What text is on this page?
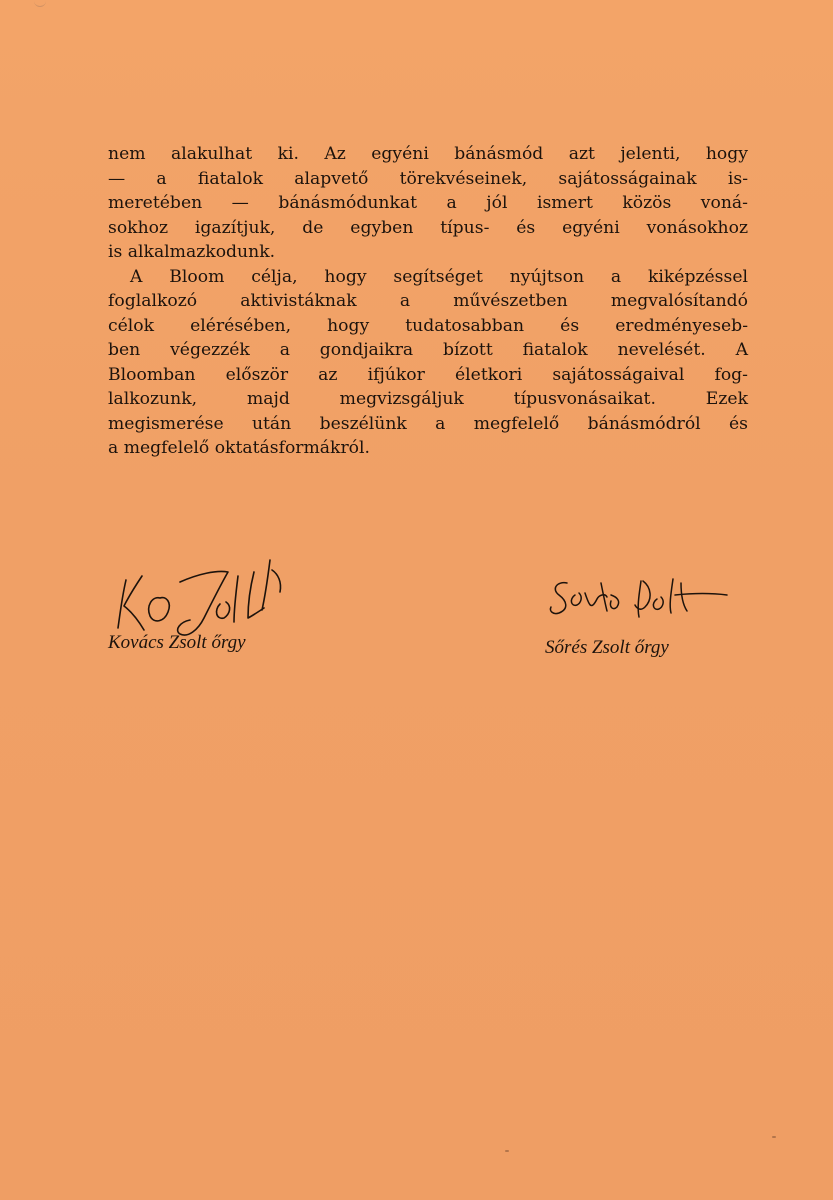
nem alakulhat ki. Az egyéni bánásmód azt jelenti, hogy
— a fiatalok alapvető törekvéseinek, sajátosságainak is-
meretében — bánásmódunkat a jól ismert közös voná-
sokhoz igazítjuk, de egyben típus- és egyéni vonásokhoz
is alkalmazkodunk.

A Bloom célja, hogy segítséget nyújtson a kiképzéssel
foglalkozó aktivistáknak a művészetben megvalósítandó
célok elérésében, hogy tudatosabban és eredményeseb-
ben végezzék a gondjaikra bízott fiatalok nevelését. A
Bloomban először az ifjúkor életkori sajátosságaival fog-
lalkozunk, majd megvizsgáljuk típusvonásaikat. Ezek
megismerése után beszélünk a megfelelő bánásmódról és
a megfelelő oktatásformákról.

Kovács Zsolt őrgy	Sőrés Zsolt őrgy
